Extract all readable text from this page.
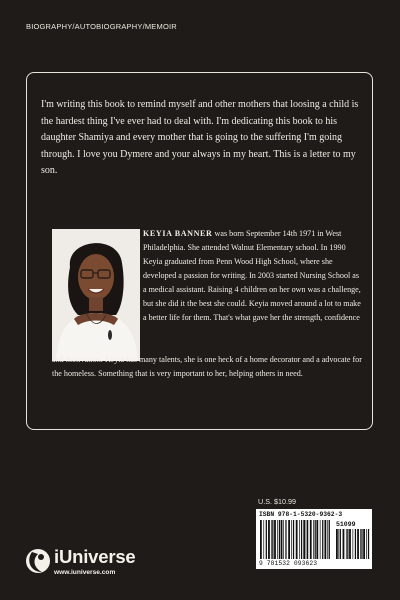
BIOGRAPHY/AUTOBIOGRAPHY/MEMOIR

I'm writing this book to remind myself and other mothers that loosing a child is the hardest thing I've ever had to deal with. I'm dedicating this book to his daughter Shamiya and every mother that is going to the suffering I'm going through. I love you Dymere and your always in my heart. This is a letter to my son.

KEYIA BANNER was born September 14th 1971 in West Philadelphia. She attended Walnut Elementary school. In 1990 Keyia graduated from Penn Wood High School, where she developed a passion for writing. In 2003 started Nursing School as a medical assistant. Raising 4 children on her own was a challenge, but she did it the best she could. Keyia moved around a lot to make a better life for them. That's what gave her the strength, confidence

and motivation. Keyia has many talents, she is one heck of a home decorator and a advocate for the homeless. Something that is very important to her, helping others in need.

U.S. $10.99
ISBN 978-1-5320-9362-3
51099
9 781532 093623
iUniverse
www.iuniverse.com
